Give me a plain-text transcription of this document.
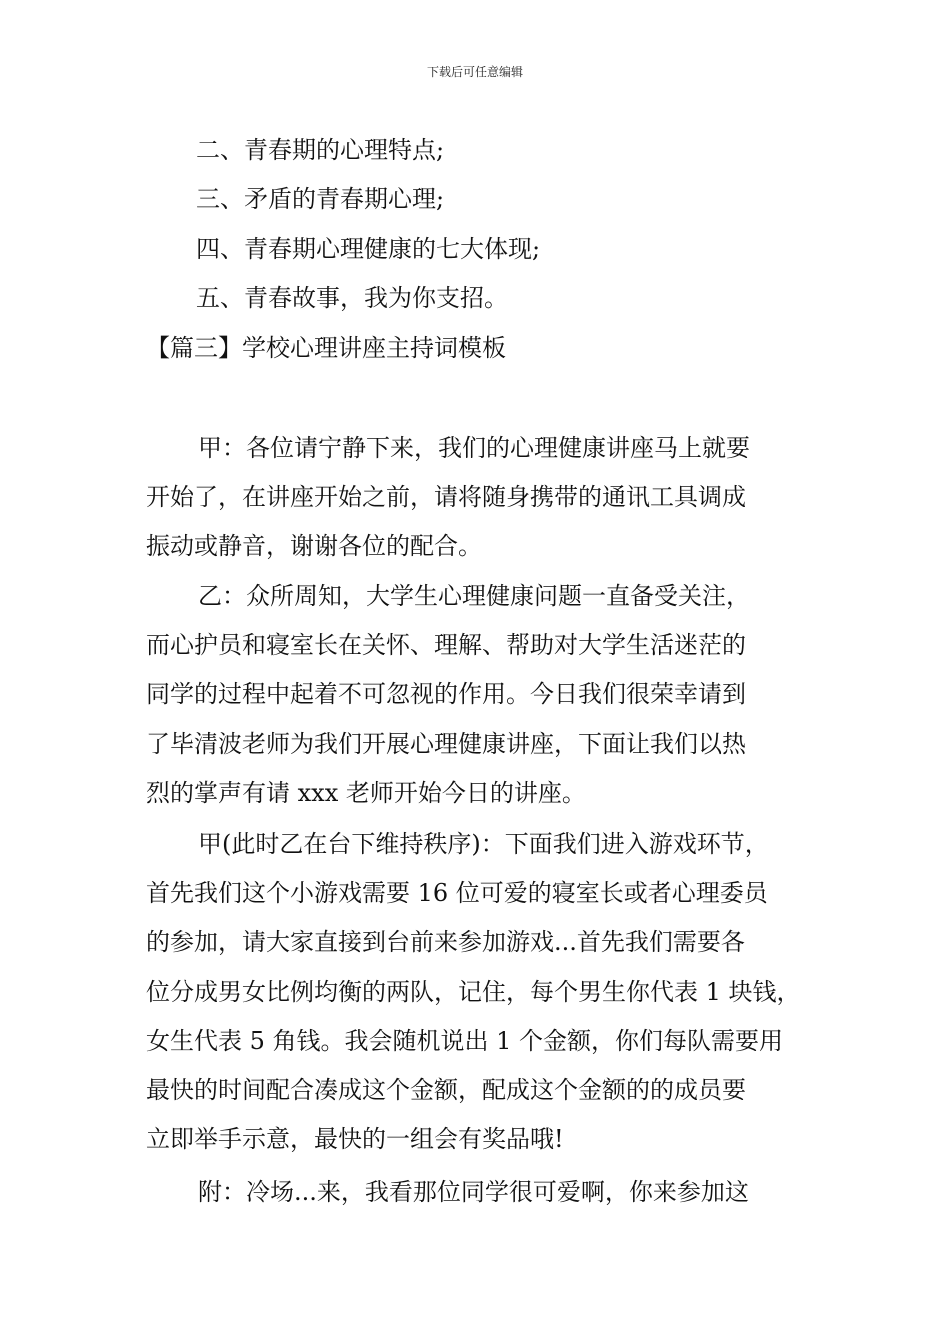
下载后可任意编辑
二、青春期的心理特点;
三、矛盾的青春期心理;
四、青春期心理健康的七大体现;
五、青春故事，我为你支招。
【篇三】学校心理讲座主持词模板
甲：各位请宁静下来，我们的心理健康讲座马上就要
开始了，在讲座开始之前，请将随身携带的通讯工具调成
振动或静音，谢谢各位的配合。
乙：众所周知，大学生心理健康问题一直备受关注，
而心护员和寝室长在关怀、理解、帮助对大学生活迷茫的
同学的过程中起着不可忽视的作用。今日我们很荣幸请到
了毕清波老师为我们开展心理健康讲座，下面让我们以热
烈的掌声有请 xxx 老师开始今日的讲座。
甲(此时乙在台下维持秩序)：下面我们进入游戏环节，
首先我们这个小游戏需要 16 位可爱的寝室长或者心理委员
的参加，请大家直接到台前来参加游戏...首先我们需要各
位分成男女比例均衡的两队，记住，每个男生你代表 1 块钱，
女生代表 5 角钱。我会随机说出 1 个金额，你们每队需要用
最快的时间配合凑成这个金额，配成这个金额的的成员要
立即举手示意，最快的一组会有奖品哦!
附：冷场...来，我看那位同学很可爱啊，你来参加这
